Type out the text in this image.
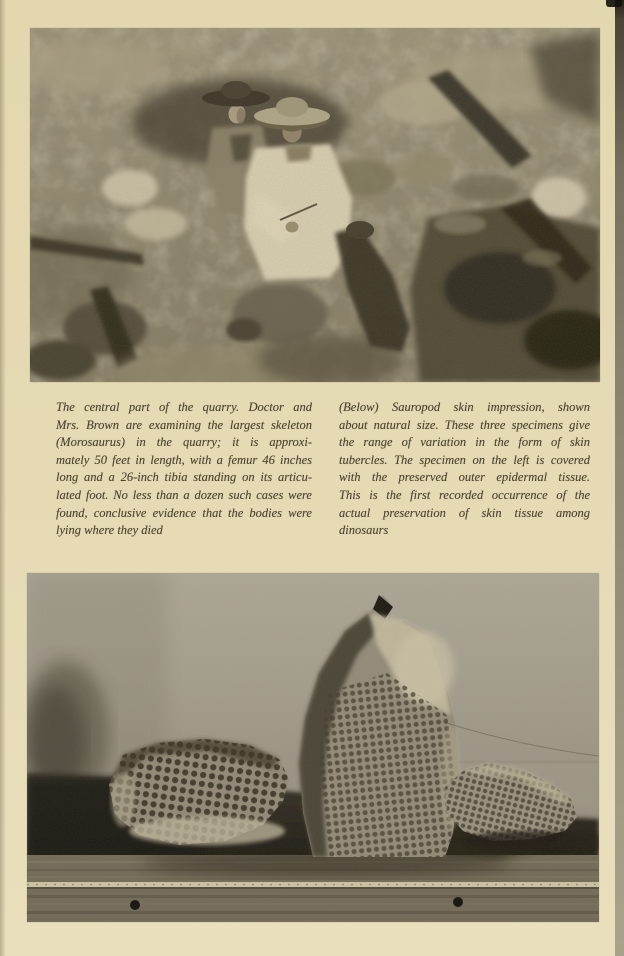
The central part of the quarry. Doctor and
Mrs. Brown are examining the largest skeleton
(Morosaurus) in the quarry; it is approxi-
mately 50 feet in length, with a femur 46 inches
long and a 26-inch tibia standing on its articu-
lated foot. No less than a dozen such cases were
found, conclusive evidence that the bodies were
lying where they died
(Below) Sauropod skin impression, shown
about natural size. These three specimens give
the range of variation in the form of skin
tubercles. The specimen on the left is covered
with the preserved outer epidermal tissue.
This is the first recorded occurrence of the
actual preservation of skin tissue among
dinosaurs
